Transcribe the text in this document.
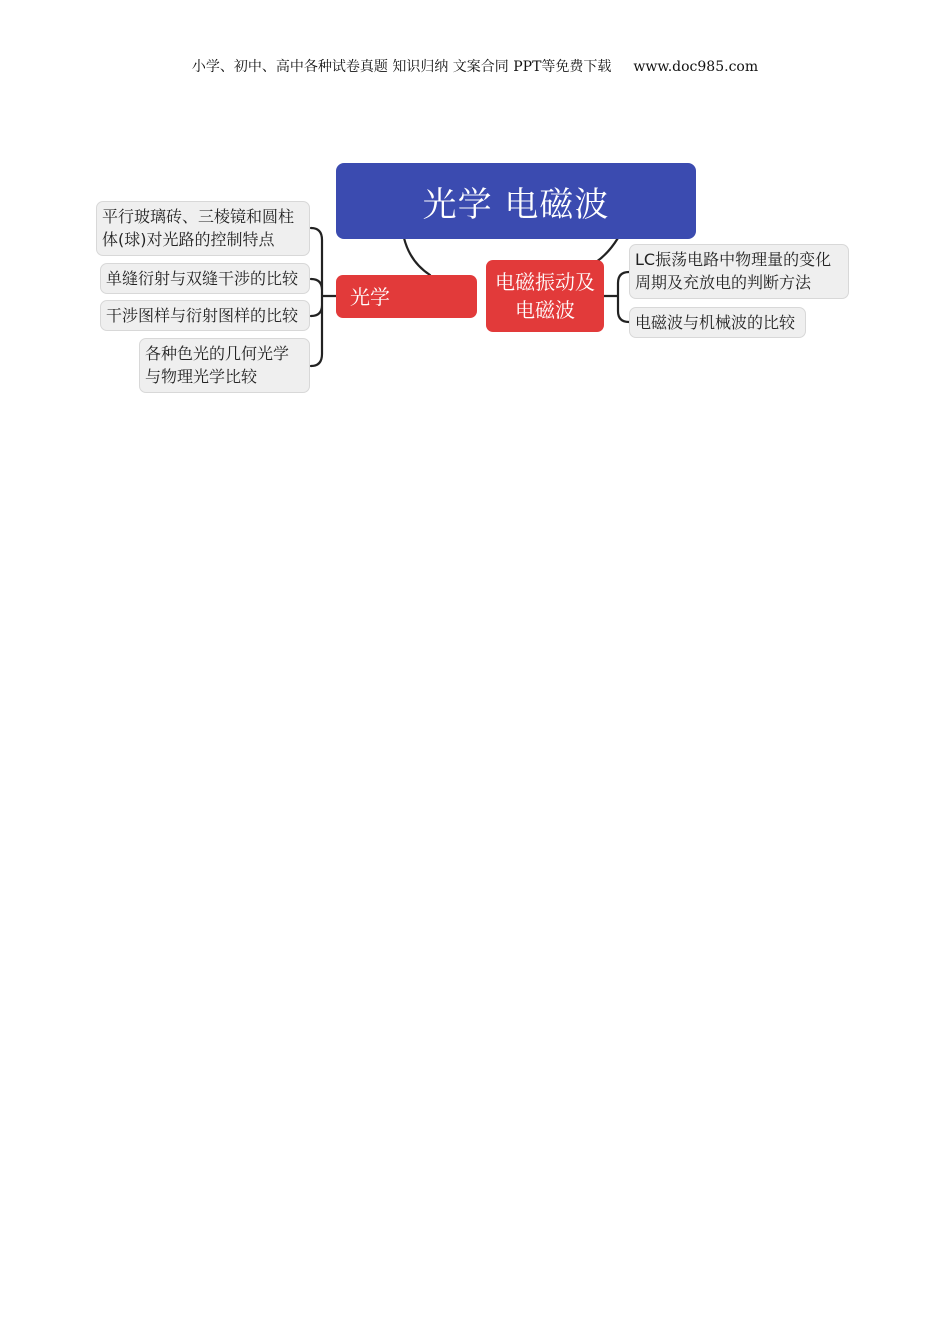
小学、初中、高中各种试卷真题 知识归纳 文案合同 PPT等免费下载 www.doc985.com
光学 电磁波
光学
电磁振动及电磁波
平行玻璃砖、三棱镜和圆柱体(球)对光路的控制特点
单缝衍射与双缝干涉的比较
干涉图样与衍射图样的比较
各种色光的几何光学与物理光学比较
LC振荡电路中物理量的变化周期及充放电的判断方法
电磁波与机械波的比较
